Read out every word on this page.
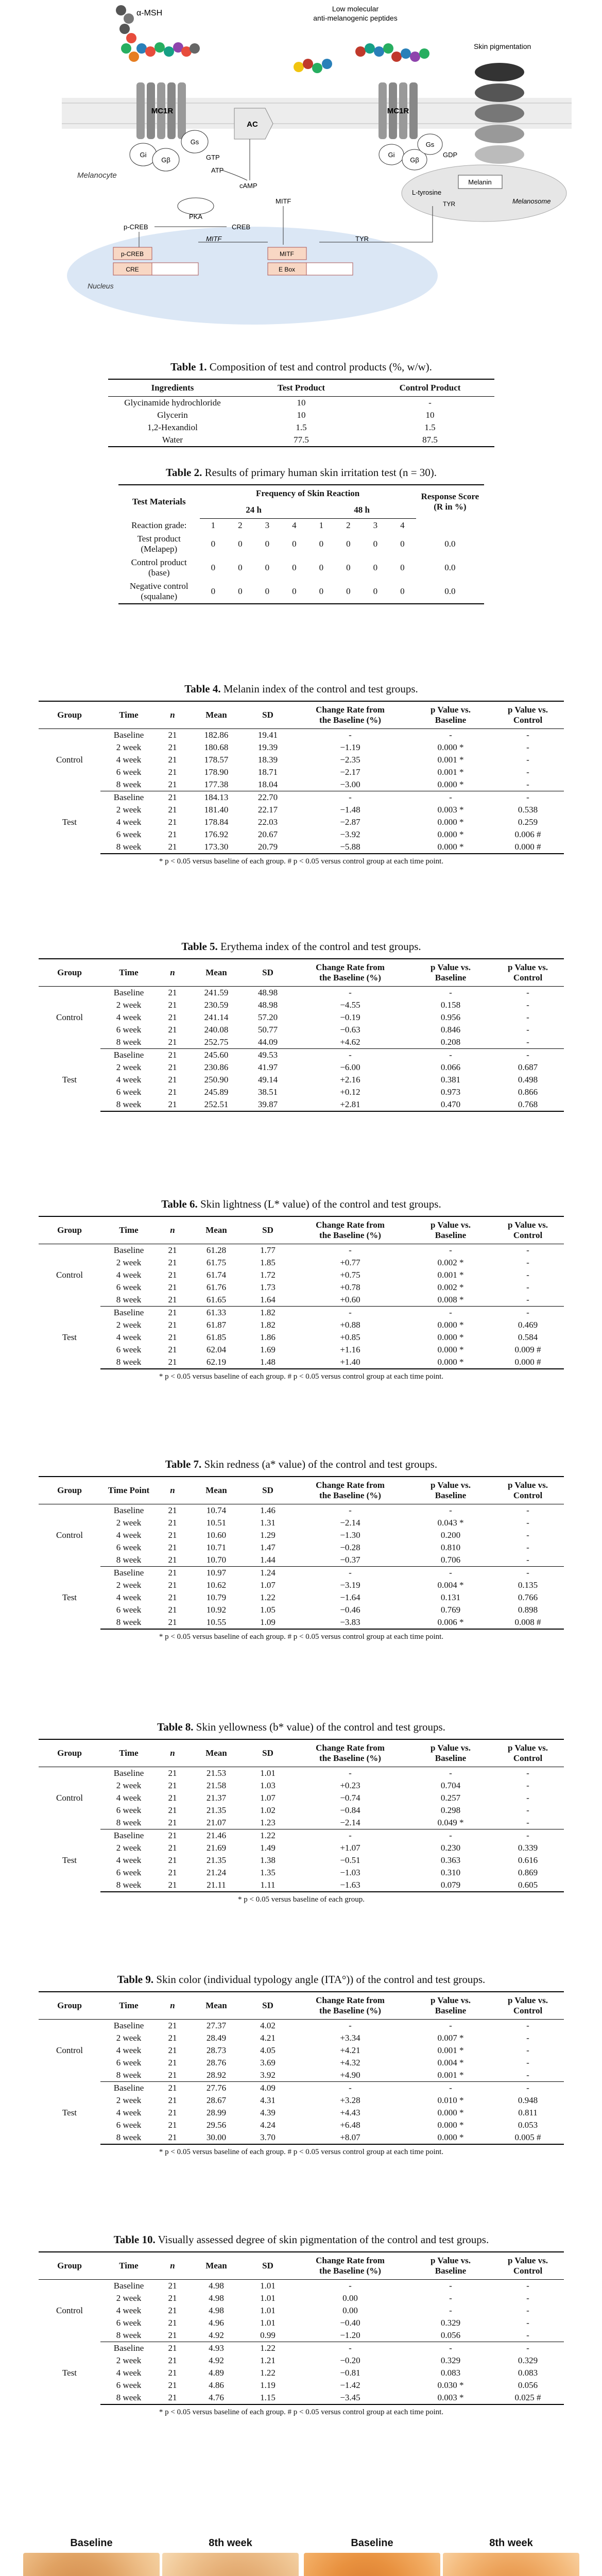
Nucleus
Melanocyte
α-MSH	Low molecular
anti-melanogenic peptides
MC1R
Gi
Gβ
Gs
GTP
AC
ATP
cAMP
PKA
CREB
p-CREB
p-CREB
CRE
MITF
MITF
MITF
E Box
TYR
MC1R
Gi
Gβ
Gs
GDP
Skin pigmentation
Melanosome
Melanin
L-tyrosine
TYR

Table 1. Composition of test and control products (%, w/w).

Ingredients	Test Product	Control Product
Glycinamide hydrochloride	10	-
Glycerin	10	10
1,2-Hexandiol	1.5	1.5
Water	77.5	87.5

Table 2. Results of primary human skin irritation test (n = 30).

Test Materials	Frequency of Skin Reaction								Response Score
(R in %)
	24 h				48 h				
Reaction grade:	1	2	3	4	1	2	3	4	
Test product
(Melapep)	0	0	0	0	0	0	0	0	0.0
Control product
(base)	0	0	0	0	0	0	0	0	0.0
Negative control
(squalane)	0	0	0	0	0	0	0	0	0.0

Table 4. Melanin index of the control and test groups.

Group	Time	n	Mean	SD	Change Rate from
the Baseline (%)	p Value vs.
Baseline	p Value vs.
Control
Control	Baseline	21	182.86	19.41	-	-	-
	2 week	21	180.68	19.39	−1.19	0.000 *	-
	4 week	21	178.57	18.39	−2.35	0.001 *	-
	6 week	21	178.90	18.71	−2.17	0.001 *	-
	8 week	21	177.38	18.04	−3.00	0.000 *	-
Test	Baseline	21	184.13	22.70	-	-	-
	2 week	21	181.40	22.17	−1.48	0.003 *	0.538
	4 week	21	178.84	22.03	−2.87	0.000 *	0.259
	6 week	21	176.92	20.67	−3.92	0.000 *	0.006 #
	8 week	21	173.30	20.79	−5.88	0.000 *	0.000 #
* p < 0.05 versus baseline of each group. # p < 0.05 versus control group at each time point.

Table 5. Erythema index of the control and test groups.

Group	Time	n	Mean	SD	Change Rate from
the Baseline (%)	p Value vs.
Baseline	p Value vs.
Control
Control	Baseline	21	241.59	48.98	-	-	-
	2 week	21	230.59	48.98	−4.55	0.158	-
	4 week	21	241.14	57.20	−0.19	0.956	-
	6 week	21	240.08	50.77	−0.63	0.846	-
	8 week	21	252.75	44.09	+4.62	0.208	-
Test	Baseline	21	245.60	49.53	-	-	-
	2 week	21	230.86	41.97	−6.00	0.066	0.687
	4 week	21	250.90	49.14	+2.16	0.381	0.498
	6 week	21	245.89	38.51	+0.12	0.973	0.866
	8 week	21	252.51	39.87	+2.81	0.470	0.768

Table 6. Skin lightness (L* value) of the control and test groups.

Group	Time	n	Mean	SD	Change Rate from
the Baseline (%)	p Value vs.
Baseline	p Value vs.
Control
Control	Baseline	21	61.28	1.77	-	-	-
	2 week	21	61.75	1.85	+0.77	0.002 *	-
	4 week	21	61.74	1.72	+0.75	0.001 *	-
	6 week	21	61.76	1.73	+0.78	0.002 *	-
	8 week	21	61.65	1.64	+0.60	0.008 *	-
Test	Baseline	21	61.33	1.82	-	-	-
	2 week	21	61.87	1.82	+0.88	0.000 *	0.469
	4 week	21	61.85	1.86	+0.85	0.000 *	0.584
	6 week	21	62.04	1.69	+1.16	0.000 *	0.009 #
	8 week	21	62.19	1.48	+1.40	0.000 *	0.000 #
* p < 0.05 versus baseline of each group. # p < 0.05 versus control group at each time point.

Table 7. Skin redness (a* value) of the control and test groups.

Group	Time Point	n	Mean	SD	Change Rate from
the Baseline (%)	p Value vs.
Baseline	p Value vs.
Control
Control	Baseline	21	10.74	1.46	-	-	-
	2 week	21	10.51	1.31	−2.14	0.043 *	-
	4 week	21	10.60	1.29	−1.30	0.200	-
	6 week	21	10.71	1.47	−0.28	0.810	-
	8 week	21	10.70	1.44	−0.37	0.706	-
Test	Baseline	21	10.97	1.24	-	-	-
	2 week	21	10.62	1.07	−3.19	0.004 *	0.135
	4 week	21	10.79	1.22	−1.64	0.131	0.766
	6 week	21	10.92	1.05	−0.46	0.769	0.898
	8 week	21	10.55	1.09	−3.83	0.006 *	0.008 #
* p < 0.05 versus baseline of each group. # p < 0.05 versus control group at each time point.

Table 8. Skin yellowness (b* value) of the control and test groups.

Group	Time	n	Mean	SD	Change Rate from
the Baseline (%)	p Value vs.
Baseline	p Value vs.
Control
Control	Baseline	21	21.53	1.01	-	-	-
	2 week	21	21.58	1.03	+0.23	0.704	-
	4 week	21	21.37	1.07	−0.74	0.257	-
	6 week	21	21.35	1.02	−0.84	0.298	-
	8 week	21	21.07	1.23	−2.14	0.049 *	-
Test	Baseline	21	21.46	1.22	-	-	-
	2 week	21	21.69	1.49	+1.07	0.230	0.339
	4 week	21	21.35	1.38	−0.51	0.363	0.616
	6 week	21	21.24	1.35	−1.03	0.310	0.869
	8 week	21	21.11	1.11	−1.63	0.079	0.605
* p < 0.05 versus baseline of each group.

Table 9. Skin color (individual typology angle (ITA°)) of the control and test groups.

Group	Time	n	Mean	SD	Change Rate from
the Baseline (%)	p Value vs.
Baseline	p Value vs.
Control
Control	Baseline	21	27.37	4.02	-	-	-
	2 week	21	28.49	4.21	+3.34	0.007 *	-
	4 week	21	28.73	4.05	+4.21	0.001 *	-
	6 week	21	28.76	3.69	+4.32	0.004 *	-
	8 week	21	28.92	3.92	+4.90	0.001 *	-
Test	Baseline	21	27.76	4.09	-	-	-
	2 week	21	28.67	4.31	+3.28	0.010 *	0.948
	4 week	21	28.99	4.39	+4.43	0.000 *	0.811
	6 week	21	29.56	4.24	+6.48	0.000 *	0.053
	8 week	21	30.00	3.70	+8.07	0.000 *	0.005 #
* p < 0.05 versus baseline of each group. # p < 0.05 versus control group at each time point.

Table 10. Visually assessed degree of skin pigmentation of the control and test groups.

Group	Time	n	Mean	SD	Change Rate from
the Baseline (%)	p Value vs.
Baseline	p Value vs.
Control
Control	Baseline	21	4.98	1.01	-	-	-
	2 week	21	4.98	1.01	0.00	-	-
	4 week	21	4.98	1.01	0.00	-	-
	6 week	21	4.96	1.01	−0.40	0.329	-
	8 week	21	4.92	0.99	−1.20	0.056	-
Test	Baseline	21	4.93	1.22	-	-	-
	2 week	21	4.92	1.21	−0.20	0.329	0.329
	4 week	21	4.89	1.22	−0.81	0.083	0.083
	6 week	21	4.86	1.19	−1.42	0.030 *	0.056
	8 week	21	4.76	1.15	−3.45	0.003 *	0.025 #
* p < 0.05 versus baseline of each group. # p < 0.05 versus control group at each time point.
Baseline	8th week	Baseline	8th week
